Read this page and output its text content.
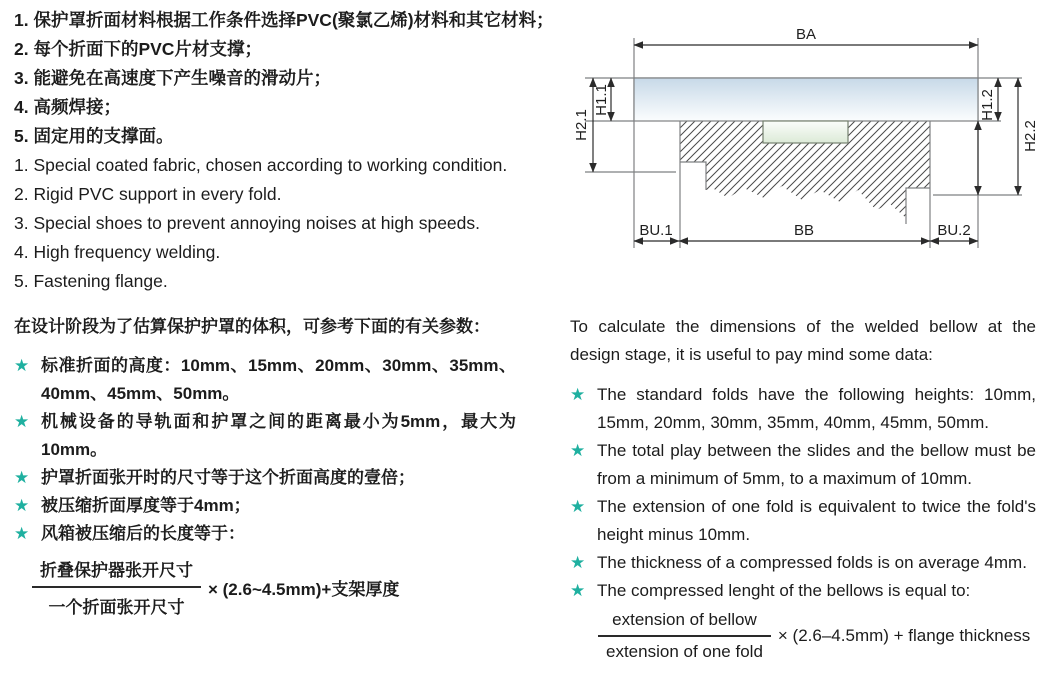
1. 保护罩折面材料根据工作条件选择PVC(聚氯乙烯)材料和其它材料；
2. 每个折面下的PVC片材支撑；
3. 能避免在高速度下产生噪音的滑动片；
4. 高频焊接；
5. 固定用的支撑面。
1. Special coated fabric, chosen according to working condition.
2. Rigid PVC support in every fold.
3. Special shoes to prevent annoying noises at high speeds.
4. High frequency welding.
5. Fastening flange.
在设计阶段为了估算保护护罩的体积，可参考下面的有关参数：
★ 标准折面的高度：10mm、15mm、20mm、30mm、35mm、40mm、45mm、50mm。
★ 机械设备的导轨面和护罩之间的距离最小为5mm，最大为10mm。
★ 护罩折面张开时的尺寸等于这个折面高度的壹倍；
★ 被压缩折面厚度等于4mm；
★ 风箱被压缩后的长度等于：
$\frac{\text{折叠保护器张开尺寸}}{\text{一个折面张开尺寸}}$ × (2.6~4.5mm)+支架厚度
To calculate the dimensions of the welded bellow at the design stage, it is useful to pay mind some data:
★ The standard folds have the following heights: 10mm, 15mm, 20mm, 30mm, 35mm, 40mm, 45mm, 50mm.
★ The total play between the slides and the bellow must be from a minimum of 5mm, to a maximum of 10mm.
★ The extension of one fold is equivalent to twice the fold's height minus 10mm.
★ The thickness of a compressed folds is on average 4mm.
★ The compressed lenght of the bellows is equal to:
$\frac{\text{extension of bellow}}{\text{extension of one fold}} \times (2.6-4.5mm)$ + flange thickness
BA
BU.1	BB	BU.2
H1.1
H2.1
H1.2
H2.2
